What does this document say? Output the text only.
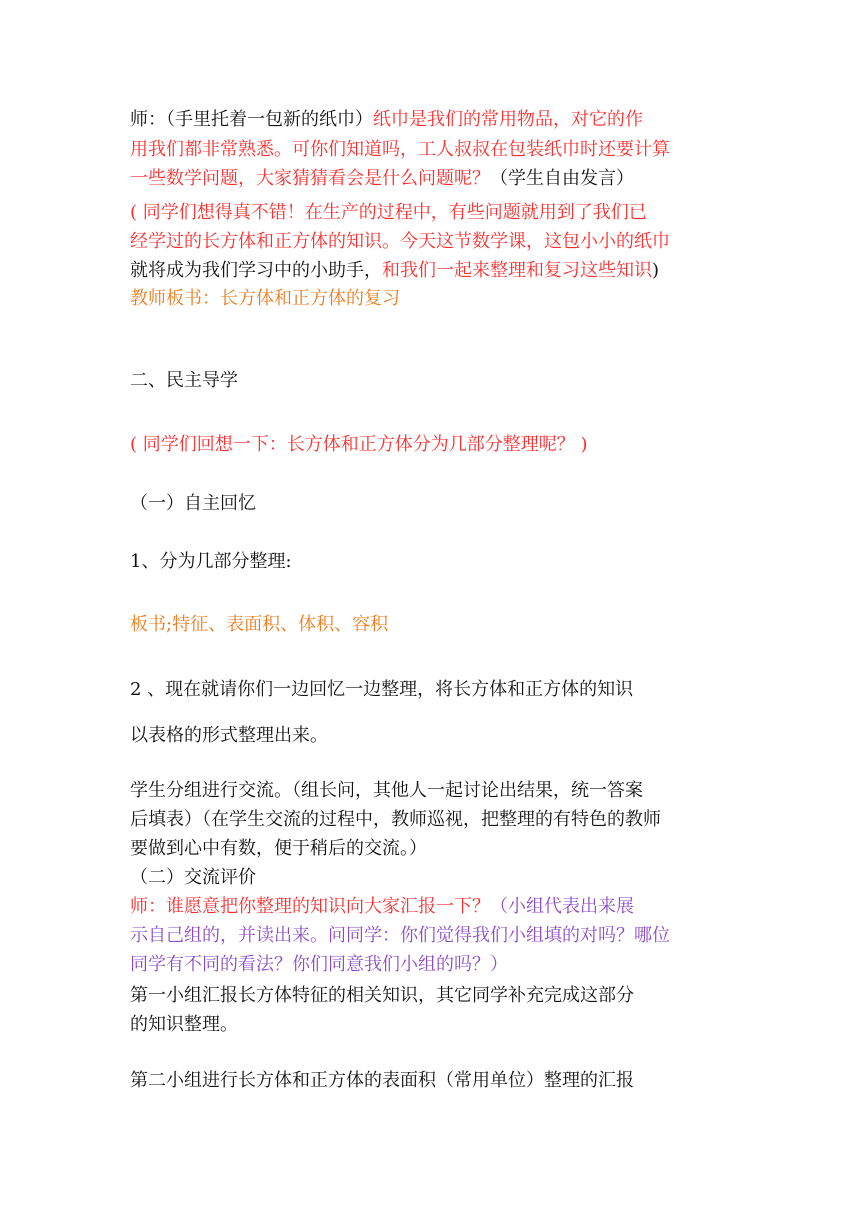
师：（手里托着一包新的纸巾）纸巾是我们的常用物品，对它的作
用我们都非常熟悉。可你们知道吗，工人叔叔在包装纸巾时还要计算
一些数学问题，大家猜猜看会是什么问题呢？（学生自由发言）
( 同学们想得真不错！在生产的过程中，有些问题就用到了我们已
经学过的长方体和正方体的知识。今天这节数学课，这包小小的纸巾
就将成为我们学习中的小助手，和我们一起来整理和复习这些知识)
教师板书：长方体和正方体的复习
二、民主导学
( 同学们回想一下：长方体和正方体分为几部分整理呢？ )
（一）自主回忆
1、分为几部分整理:
板书;特征、表面积、体积、容积
2 、现在就请你们一边回忆一边整理，将长方体和正方体的知识
以表格的形式整理出来。
学生分组进行交流。（组长问，其他人一起讨论出结果，统一答案
后填表）（在学生交流的过程中，教师巡视，把整理的有特色的教师
要做到心中有数，便于稍后的交流。）
（二）交流评价
师：谁愿意把你整理的知识向大家汇报一下？（小组代表出来展
示自己组的，并读出来。问同学：你们觉得我们小组填的对吗？哪位
同学有不同的看法？你们同意我们小组的吗？）
第一小组汇报长方体特征的相关知识，其它同学补充完成这部分
的知识整理。
第二小组进行长方体和正方体的表面积（常用单位）整理的汇报
